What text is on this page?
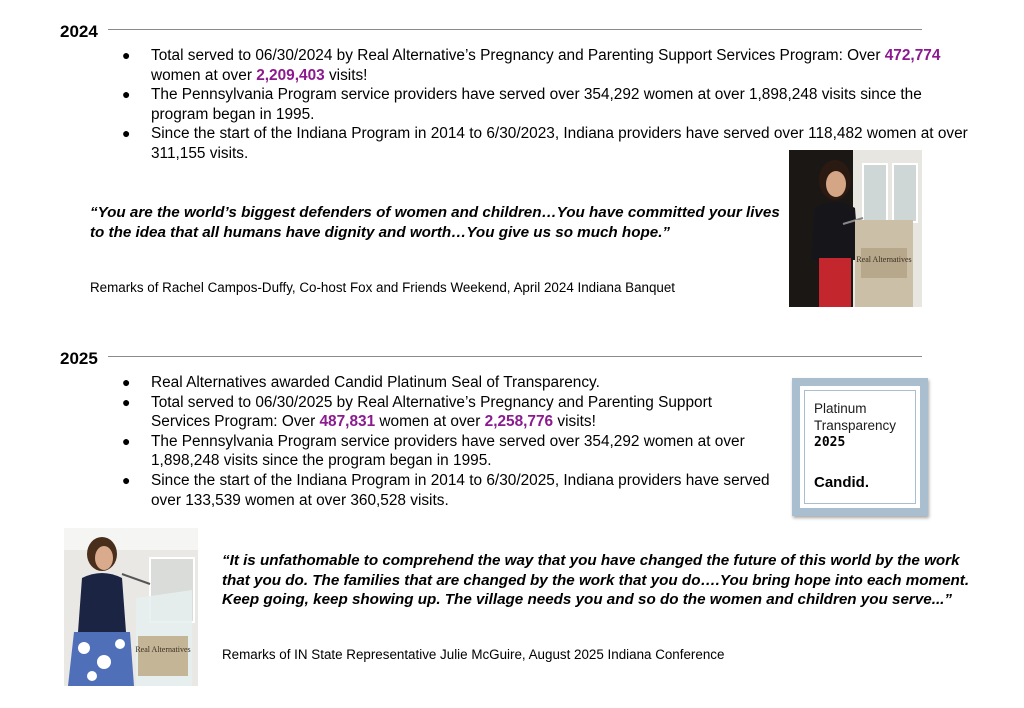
2024
● Total served to 06/30/2024 by Real Alternative’s Pregnancy and Parenting Support Services Program: Over 472,774 women at over 2,209,403 visits!
● The Pennsylvania Program service providers have served over 354,292 women at over 1,898,248 visits since the program began in 1995.
● Since the start of the Indiana Program in 2014 to 6/30/2023, Indiana providers have served over 118,482 women at over 311,155 visits.
“You are the world’s biggest defenders of women and children…You have committed your lives to the idea that all humans have dignity and worth…You give us so much hope.”
Remarks of Rachel Campos-Duffy, Co-host Fox and Friends Weekend, April 2024 Indiana Banquet
Real Alternatives
2025
● Real Alternatives awarded Candid Platinum Seal of Transparency.
● Total served to 06/30/2025 by Real Alternative’s Pregnancy and Parenting Support Services Program: Over 487,831 women at over 2,258,776 visits!
● The Pennsylvania Program service providers have served over 354,292 women at over 1,898,248 visits since the program began in 1995.
● Since the start of the Indiana Program in 2014 to 6/30/2025, Indiana providers have served over 133,539 women at over 360,528 visits.
Platinum
Transparency
2025
Candid.
Real Alternatives
“It is unfathomable to comprehend the way that you have changed the future of this world by the work that you do. The families that are changed by the work that you do….You bring hope into each moment. Keep going, keep showing up. The village needs you and so do the women and children you serve...”
Remarks of IN State Representative Julie McGuire, August 2025 Indiana Conference
